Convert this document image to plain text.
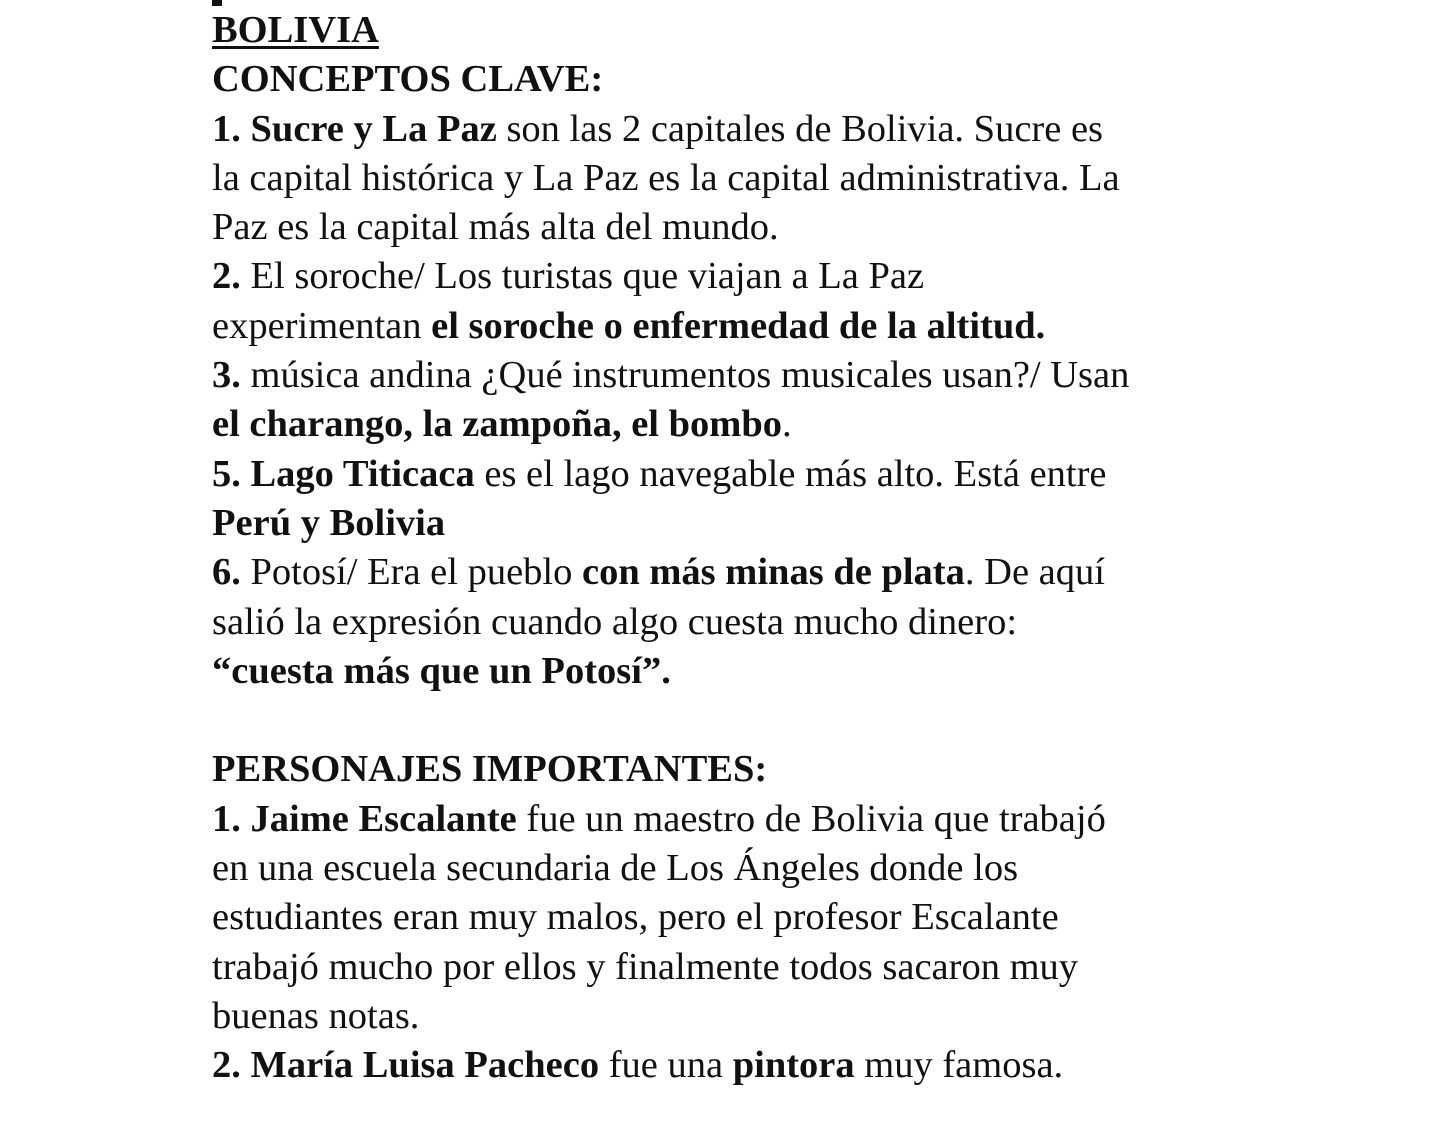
BOLIVIA
CONCEPTOS CLAVE:
1. Sucre y La Paz son las 2 capitales de Bolivia. Sucre es
la capital histórica y La Paz es la capital administrativa. La
Paz es la capital más alta del mundo.
2. El soroche/ Los turistas que viajan a La Paz
experimentan el soroche o enfermedad de la altitud.
3. música andina ¿Qué instrumentos musicales usan?/ Usan
el charango, la zampoña, el bombo.
5. Lago Titicaca es el lago navegable más alto. Está entre
Perú y Bolivia
6. Potosí/ Era el pueblo con más minas de plata. De aquí
salió la expresión cuando algo cuesta mucho dinero:
“cuesta más que un Potosí”.
PERSONAJES IMPORTANTES:
1. Jaime Escalante fue un maestro de Bolivia que trabajó
en una escuela secundaria de Los Ángeles donde los
estudiantes eran muy malos, pero el profesor Escalante
trabajó mucho por ellos y finalmente todos sacaron muy
buenas notas.
2. María Luisa Pacheco fue una pintora muy famosa.
